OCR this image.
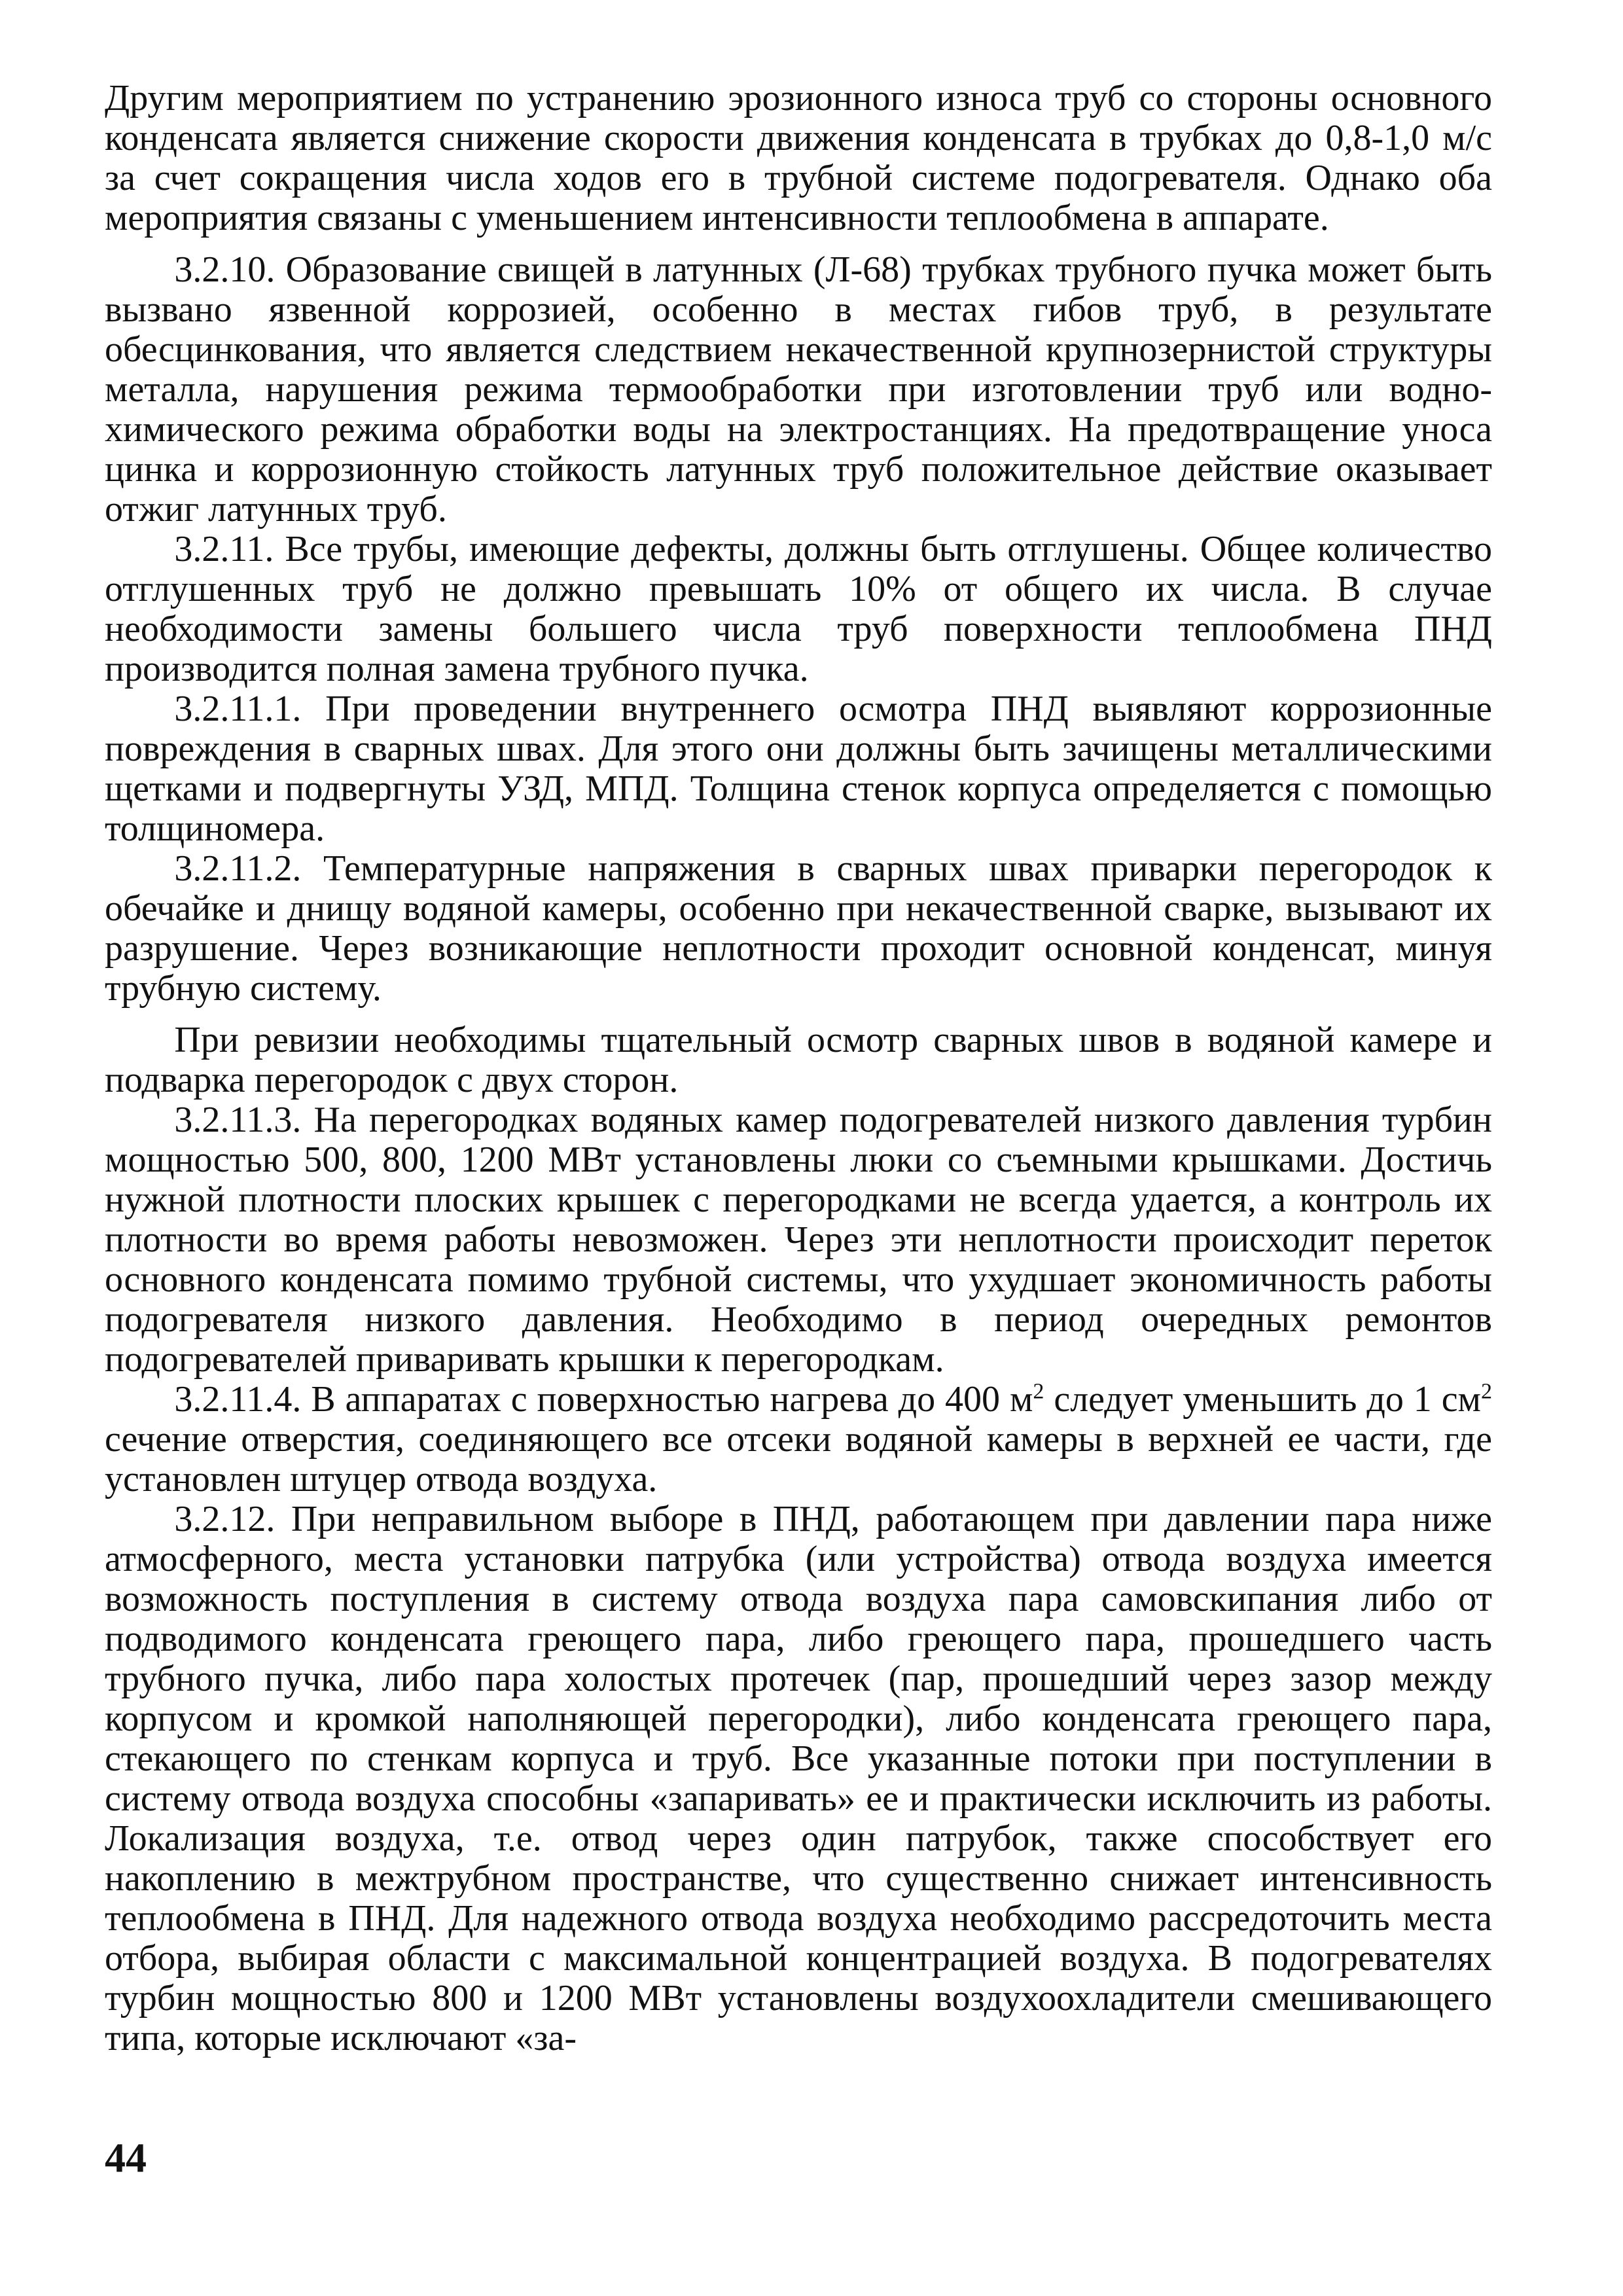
Другим мероприятием по устранению эрозионного износа труб со стороны основного конденсата является снижение скорости движения конденсата в трубках до 0,8-1,0 м/с за счет сокращения числа ходов его в трубной системе подогревателя. Однако оба мероприятия связаны с уменьшением интенсивности теплообмена в аппарате.

3.2.10. Образование свищей в латунных (Л-68) трубках трубного пучка может быть вызвано язвенной коррозией, особенно в местах гибов труб, в результате обесцинкования, что является следствием некачественной крупнозернистой структуры металла, нарушения режима термообработки при изготовлении труб или водно-химического режима обработки воды на электростанциях. На предотвращение уноса цинка и коррозионную стойкость латунных труб положительное действие оказывает отжиг латунных труб.

3.2.11. Все трубы, имеющие дефекты, должны быть отглушены. Общее количество отглушенных труб не должно превышать 10% от общего их числа. В случае необходимости замены большего числа труб поверхности теплообмена ПНД производится полная замена трубного пучка.

3.2.11.1. При проведении внутреннего осмотра ПНД выявляют коррозионные повреждения в сварных швах. Для этого они должны быть зачищены металлическими щетками и подвергнуты УЗД, МПД. Толщина стенок корпуса определяется с помощью толщиномера.

3.2.11.2. Температурные напряжения в сварных швах приварки перегородок к обечайке и днищу водяной камеры, особенно при некачественной сварке, вызывают их разрушение. Через возникающие неплотности проходит основной конденсат, минуя трубную систему.

При ревизии необходимы тщательный осмотр сварных швов в водяной камере и подварка перегородок с двух сторон.

3.2.11.3. На перегородках водяных камер подогревателей низкого давления турбин мощностью 500, 800, 1200 МВт установлены люки со съемными крышками. Достичь нужной плотности плоских крышек с перегородками не всегда удается, а контроль их плотности во время работы невозможен. Через эти неплотности происходит переток основного конденсата помимо трубной системы, что ухудшает экономичность работы подогревателя низкого давления. Необходимо в период очередных ремонтов подогревателей приваривать крышки к перегородкам.

3.2.11.4. В аппаратах с поверхностью нагрева до 400 $м^2$ следует уменьшить до 1 $см^2$ сечение отверстия, соединяющего все отсеки водяной камеры в верхней ее части, где установлен штуцер отвода воздуха.

3.2.12. При неправильном выборе в ПНД, работающем при давлении пара ниже атмосферного, места установки патрубка (или устройства) отвода воздуха имеется возможность поступления в систему отвода воздуха пара самовскипания либо от подводимого конденсата греющего пара, либо греющего пара, прошедшего часть трубного пучка, либо пара холостых протечек (пар, прошедший через зазор между корпусом и кромкой наполняющей перегородки), либо конденсата греющего пара, стекающего по стенкам корпуса и труб. Все указанные потоки при поступлении в систему отвода воздуха способны «запаривать» ее и практически исключить из работы. Локализация воздуха, т.е. отвод через один патрубок, также способствует его накоплению в межтрубном пространстве, что существенно снижает интенсивность теплообмена в ПНД. Для надежного отвода воздуха необходимо рассредоточить места отбора, выбирая области с максимальной концентрацией воздуха. В подогревателях турбин мощностью 800 и 1200 МВт установлены воздухоохладители смешивающего типа, которые исключают «за-

44
